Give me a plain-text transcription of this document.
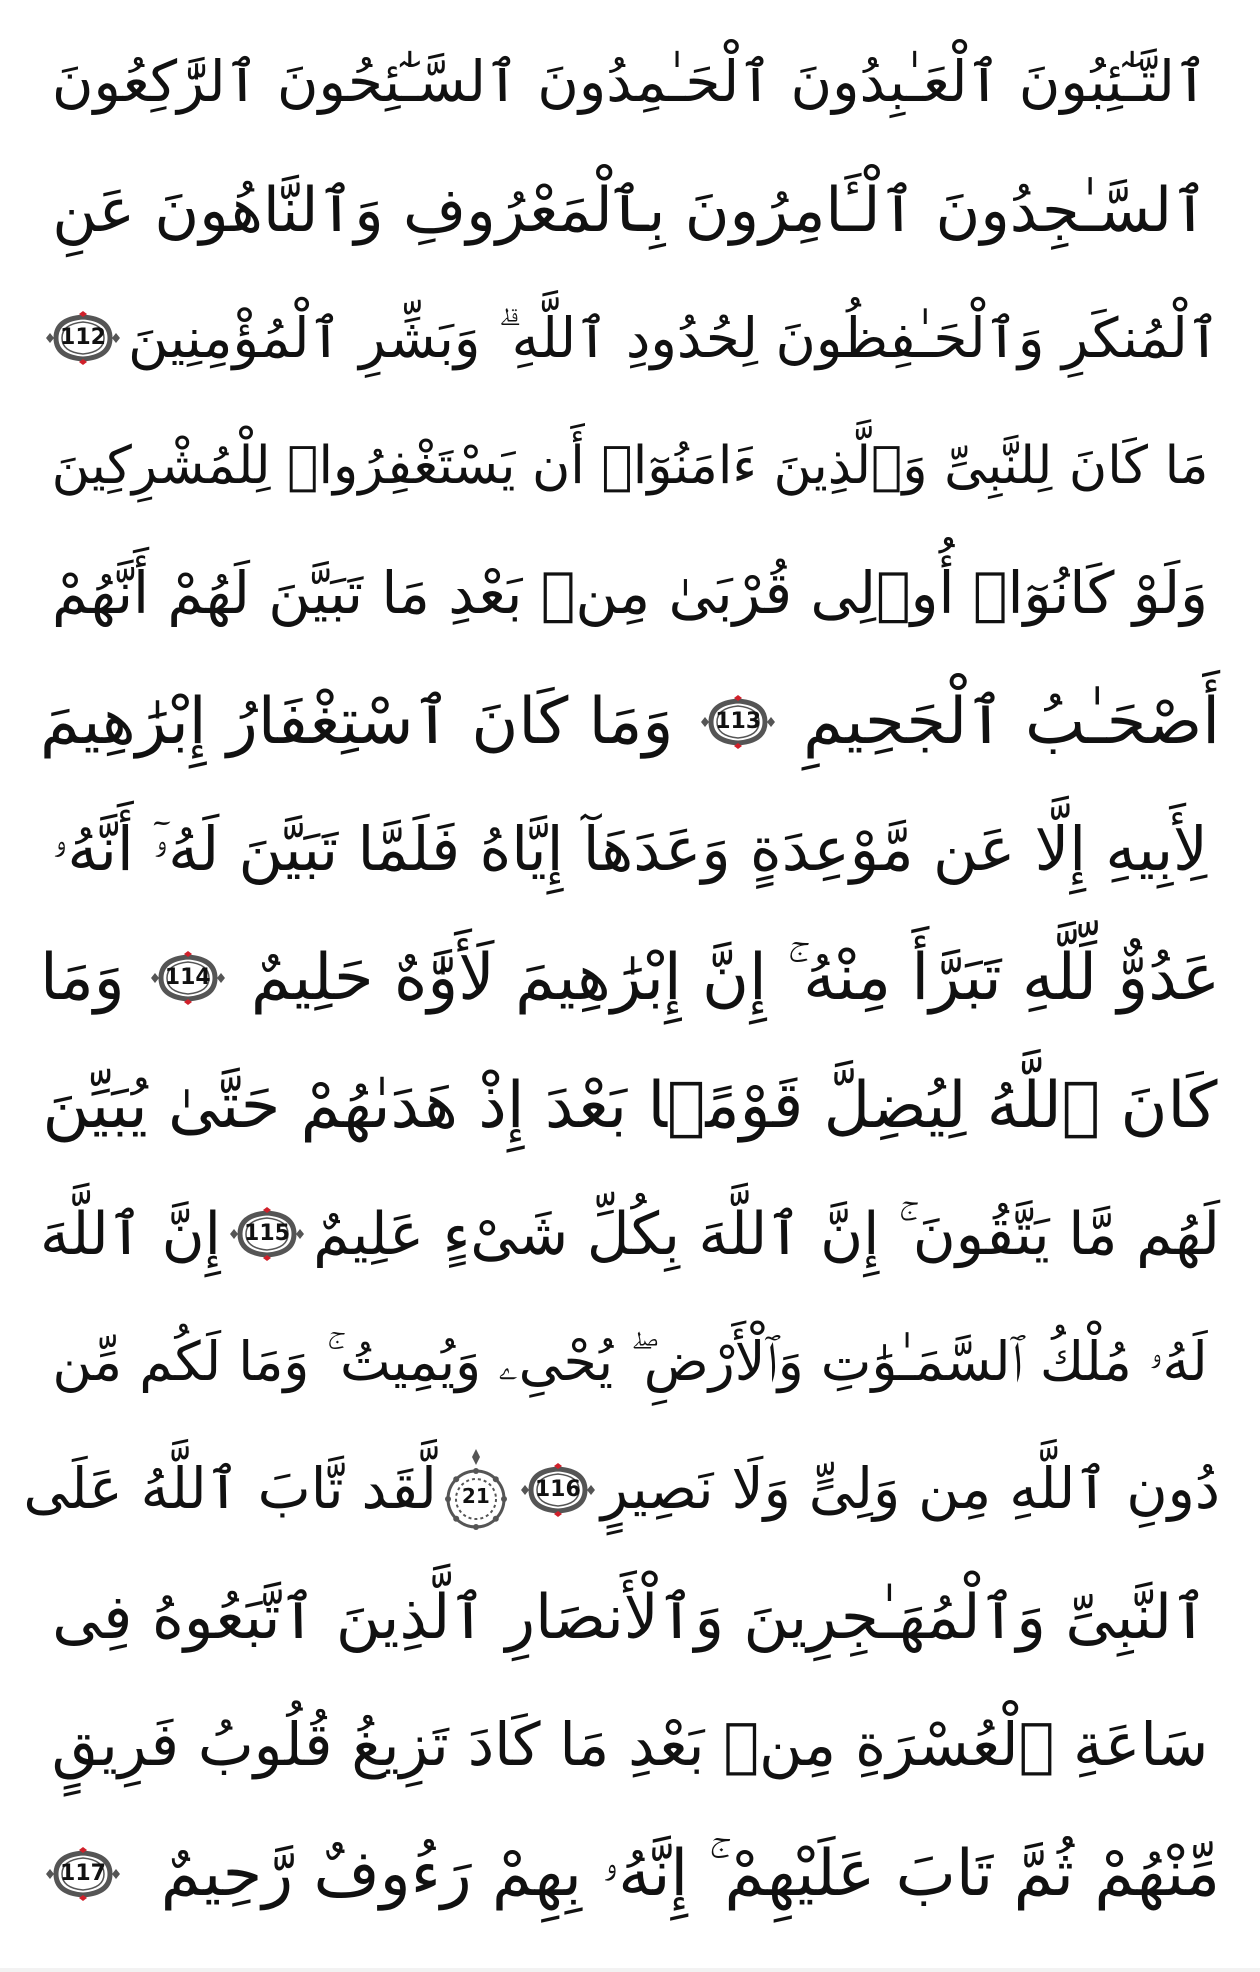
ٱلتَّـٰٓئِبُونَ ٱلْعَـٰبِدُونَ ٱلْحَـٰمِدُونَ ٱلسَّـٰٓئِحُونَ ٱلرَّٰكِعُونَ
ٱلسَّـٰجِدُونَ ٱلْـَٔامِرُونَ بِٱلْمَعْرُوفِ وَٱلنَّاهُونَ عَنِ
ٱلْمُنكَرِ وَٱلْحَـٰفِظُونَ لِحُدُودِ ٱللَّهِ ۗ وَبَشِّرِ ٱلْمُؤْمِنِينَ
112
مَا كَانَ لِلنَّبِىِّ وَٱلَّذِينَ ءَامَنُوٓا۟ أَن يَسْتَغْفِرُوا۟ لِلْمُشْرِكِينَ
وَلَوْ كَانُوٓا۟ أُو۟لِى قُرْبَىٰ مِنۢ بَعْدِ مَا تَبَيَّنَ لَهُمْ أَنَّهُمْ
أَصْحَـٰبُ ٱلْجَحِيمِ
113
وَمَا كَانَ ٱسْتِغْفَارُ إِبْرَٰهِيمَ
لِأَبِيهِ إِلَّا عَن مَّوْعِدَةٍ وَعَدَهَآ إِيَّاهُ فَلَمَّا تَبَيَّنَ لَهُۥٓ أَنَّهُۥ
عَدُوٌّ لِّلَّهِ تَبَرَّأَ مِنْهُ ۚ إِنَّ إِبْرَٰهِيمَ لَأَوَّٰهٌ حَلِيمٌ
114
وَمَا
كَانَ ٱللَّهُ لِيُضِلَّ قَوْمًۢا بَعْدَ إِذْ هَدَىٰهُمْ حَتَّىٰ يُبَيِّنَ
لَهُم مَّا يَتَّقُونَ ۚ إِنَّ ٱللَّهَ بِكُلِّ شَىْءٍ عَلِيمٌ
115
إِنَّ ٱللَّهَ
لَهُۥ مُلْكُ ٱلسَّمَـٰوَٰتِ وَٱلْأَرْضِ ۖ يُحْىِۦ وَيُمِيتُ ۚ وَمَا لَكُم مِّن
دُونِ ٱللَّهِ مِن وَلِىٍّ وَلَا نَصِيرٍ
116
21
لَّقَد تَّابَ ٱللَّهُ عَلَى
ٱلنَّبِىِّ وَٱلْمُهَـٰجِرِينَ وَٱلْأَنصَارِ ٱلَّذِينَ ٱتَّبَعُوهُ فِى
سَاعَةِ ٱلْعُسْرَةِ مِنۢ بَعْدِ مَا كَادَ تَزِيغُ قُلُوبُ فَرِيقٍ
مِّنْهُمْ ثُمَّ تَابَ عَلَيْهِمْ ۚ إِنَّهُۥ بِهِمْ رَءُوفٌ رَّحِيمٌ
117
